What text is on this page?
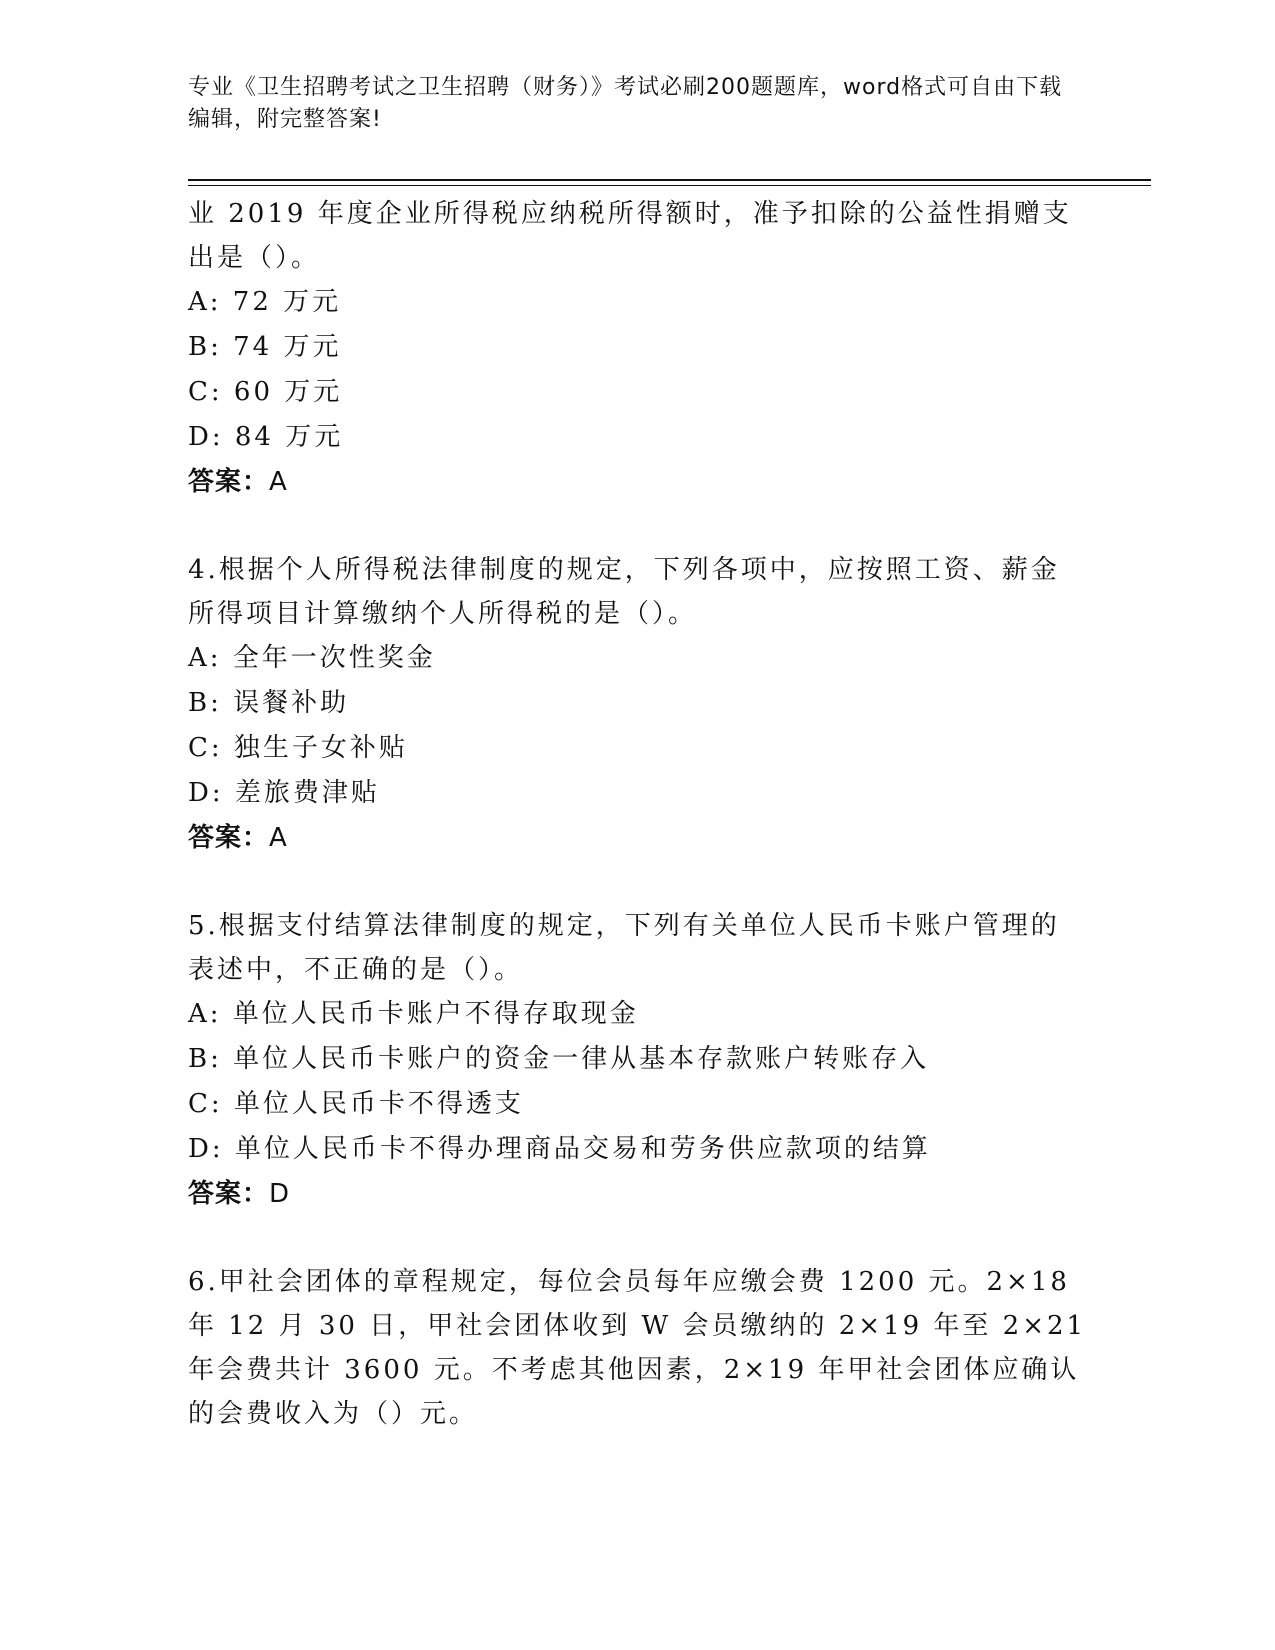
专业《卫生招聘考试之卫生招聘（财务）》考试必刷200题题库，word格式可自由下载编辑，附完整答案!
业 2019 年度企业所得税应纳税所得额时，准予扣除的公益性捐赠支出是（）。
A: 72 万元
B: 74 万元
C: 60 万元
D: 84 万元
答案：A
4.根据个人所得税法律制度的规定，下列各项中，应按照工资、薪金所得项目计算缴纳个人所得税的是（）。
A: 全年一次性奖金
B: 误餐补助
C: 独生子女补贴
D: 差旅费津贴
答案：A
5.根据支付结算法律制度的规定，下列有关单位人民币卡账户管理的表述中，不正确的是（）。
A: 单位人民币卡账户不得存取现金
B: 单位人民币卡账户的资金一律从基本存款账户转账存入
C: 单位人民币卡不得透支
D: 单位人民币卡不得办理商品交易和劳务供应款项的结算
答案：D
6.甲社会团体的章程规定，每位会员每年应缴会费 1200 元。2×18 年 12 月 30 日，甲社会团体收到 W 会员缴纳的 2×19 年至 2×21 年会费共计 3600 元。不考虑其他因素，2×19 年甲社会团体应确认的会费收入为（）元。
